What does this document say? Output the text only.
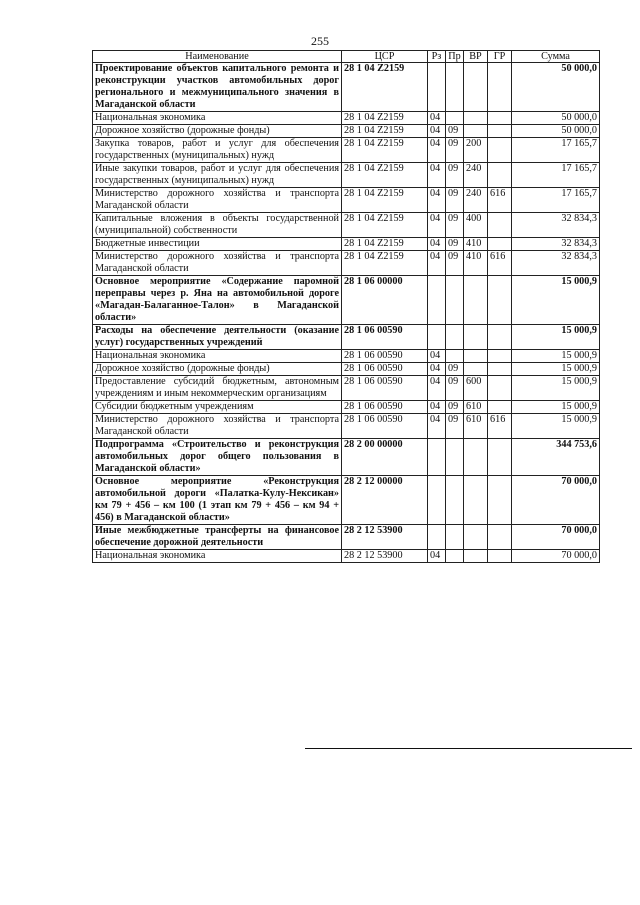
255
Наименование	ЦСР	Рз	Пр	ВР	ГР	Сумма
Проектирование объектов капитального ремонта и реконструкции участков автомобильных дорог регионального и межмуниципального значения в Магаданской области	28 1 04 Z2159					50 000,0
Национальная экономика	28 1 04 Z2159	04				50 000,0
Дорожное хозяйство (дорожные фонды)	28 1 04 Z2159	04	09			50 000,0
Закупка товаров, работ и услуг для обеспечения государственных (муниципальных) нужд	28 1 04 Z2159	04	09	200		17 165,7
Иные закупки товаров, работ и услуг для обеспечения государственных (муниципальных) нужд	28 1 04 Z2159	04	09	240		17 165,7
Министерство дорожного хозяйства и транспорта Магаданской области	28 1 04 Z2159	04	09	240	616	17 165,7
Капитальные вложения в объекты государственной (муниципальной) собственности	28 1 04 Z2159	04	09	400		32 834,3
Бюджетные инвестиции	28 1 04 Z2159	04	09	410		32 834,3
Министерство дорожного хозяйства и транспорта Магаданской области	28 1 04 Z2159	04	09	410	616	32 834,3
Основное мероприятие «Содержание паромной переправы через р. Яна на автомобильной дороге «Магадан-Балаганное-Талон» в Магаданской области»	28 1 06 00000					15 000,9
Расходы на обеспечение деятельности (оказание услуг) государственных учреждений	28 1 06 00590					15 000,9
Национальная экономика	28 1 06 00590	04				15 000,9
Дорожное хозяйство (дорожные фонды)	28 1 06 00590	04	09			15 000,9
Предоставление субсидий бюджетным, автономным учреждениям и иным некоммерческим организациям	28 1 06 00590	04	09	600		15 000,9
Субсидии бюджетным учреждениям	28 1 06 00590	04	09	610		15 000,9
Министерство дорожного хозяйства и транспорта Магаданской области	28 1 06 00590	04	09	610	616	15 000,9
Подпрограмма «Строительство и реконструкция автомобильных дорог общего пользования в Магаданской области»	28 2 00 00000					344 753,6
Основное мероприятие «Реконструкция автомобильной дороги «Палатка-Кулу-Нексикан» км 79 + 456 – км 100 (1 этап км 79 + 456 – км 94 + 456) в Магаданской области»	28 2 12 00000					70 000,0
Иные межбюджетные трансферты на финансовое обеспечение дорожной деятельности	28 2 12 53900					70 000,0
Национальная экономика	28 2 12 53900	04				70 000,0
